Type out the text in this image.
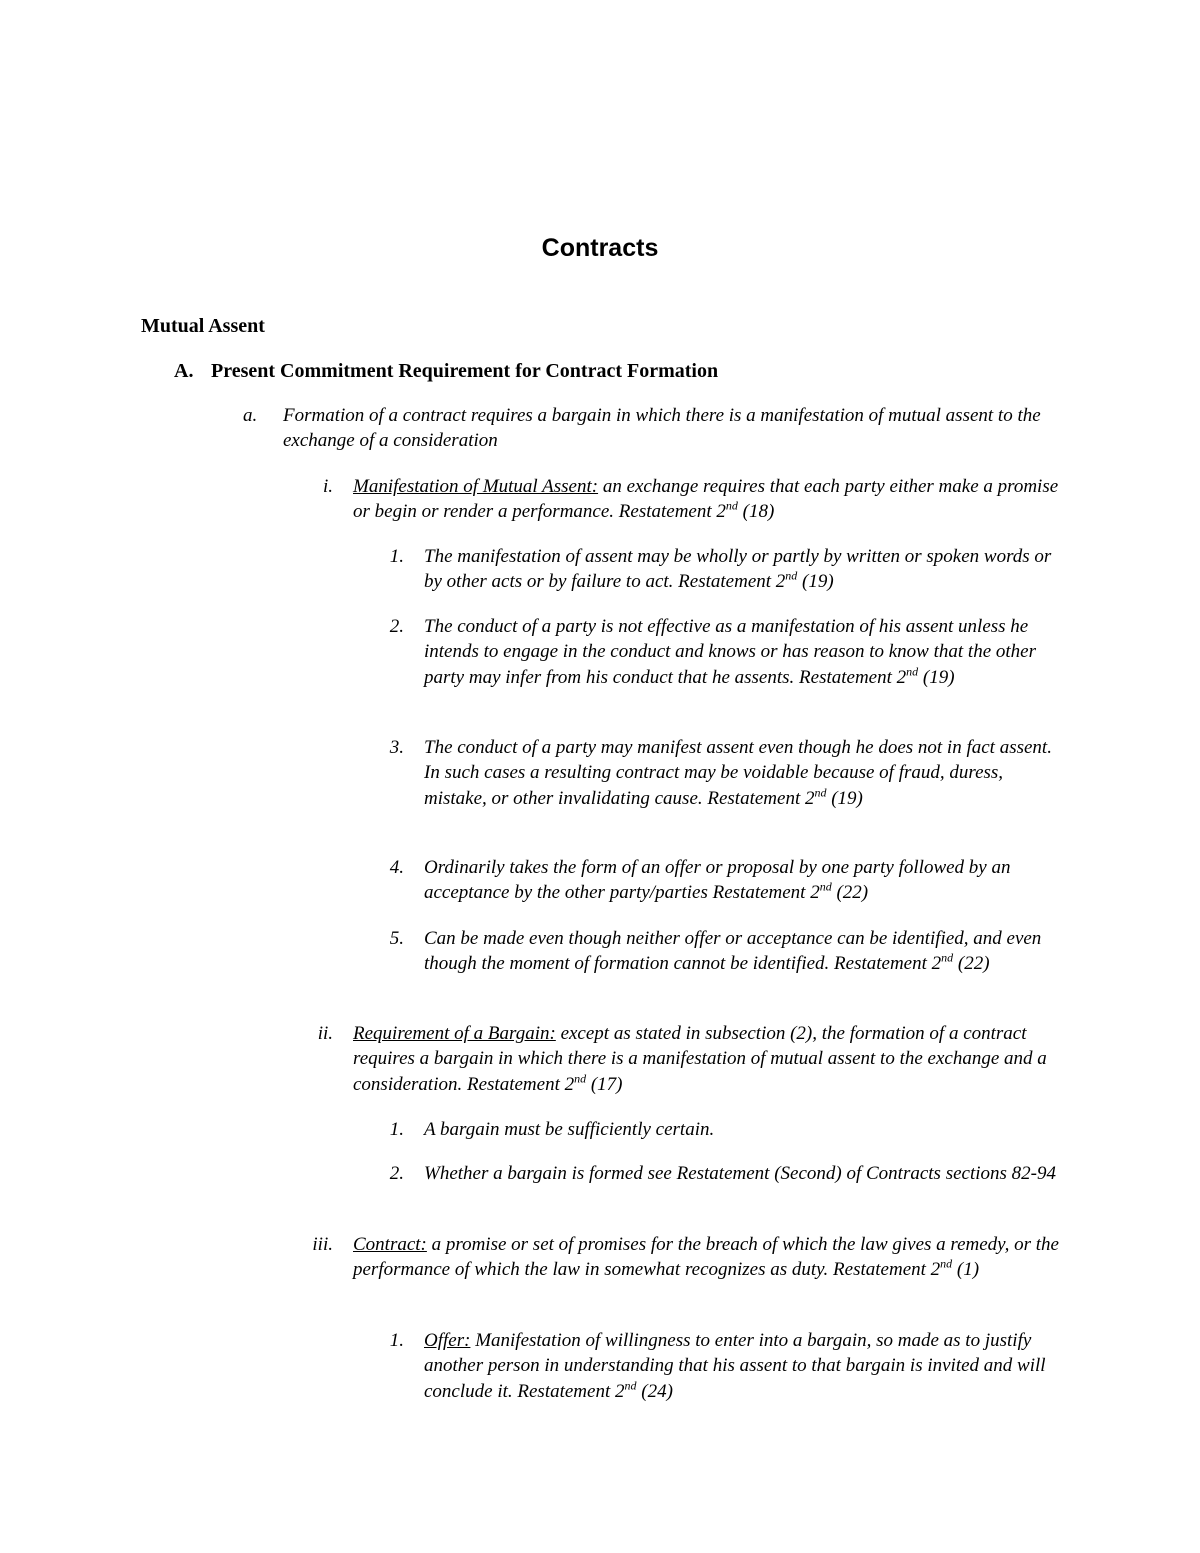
Contracts
Mutual Assent
A. Present Commitment Requirement for Contract Formation
a.	Formation of a contract requires a bargain in which there is a manifestation of mutual assent to the exchange of a consideration
i. Manifestation of Mutual Assent: an exchange requires that each party either make a promise or begin or render a performance. Restatement 2nd (18)
1. The manifestation of assent may be wholly or partly by written or spoken words or by other acts or by failure to act. Restatement 2nd (19)
2. The conduct of a party is not effective as a manifestation of his assent unless he intends to engage in the conduct and knows or has reason to know that the other party may infer from his conduct that he assents. Restatement 2nd (19)
3. The conduct of a party may manifest assent even though he does not in fact assent. In such cases a resulting contract may be voidable because of fraud, duress, mistake, or other invalidating cause. Restatement 2nd (19)
4. Ordinarily takes the form of an offer or proposal by one party followed by an acceptance by the other party/parties Restatement 2nd (22)
5. Can be made even though neither offer or acceptance can be identified, and even though the moment of formation cannot be identified. Restatement 2nd (22)
ii. Requirement of a Bargain: except as stated in subsection (2), the formation of a contract requires a bargain in which there is a manifestation of mutual assent to the exchange and a consideration. Restatement 2nd (17)
1. A bargain must be sufficiently certain.
2. Whether a bargain is formed see Restatement (Second) of Contracts sections 82-94
iii. Contract: a promise or set of promises for the breach of which the law gives a remedy, or the performance of which the law in somewhat recognizes as duty. Restatement 2nd (1)
1. Offer: Manifestation of willingness to enter into a bargain, so made as to justify another person in understanding that his assent to that bargain is invited and will conclude it. Restatement 2nd (24)
